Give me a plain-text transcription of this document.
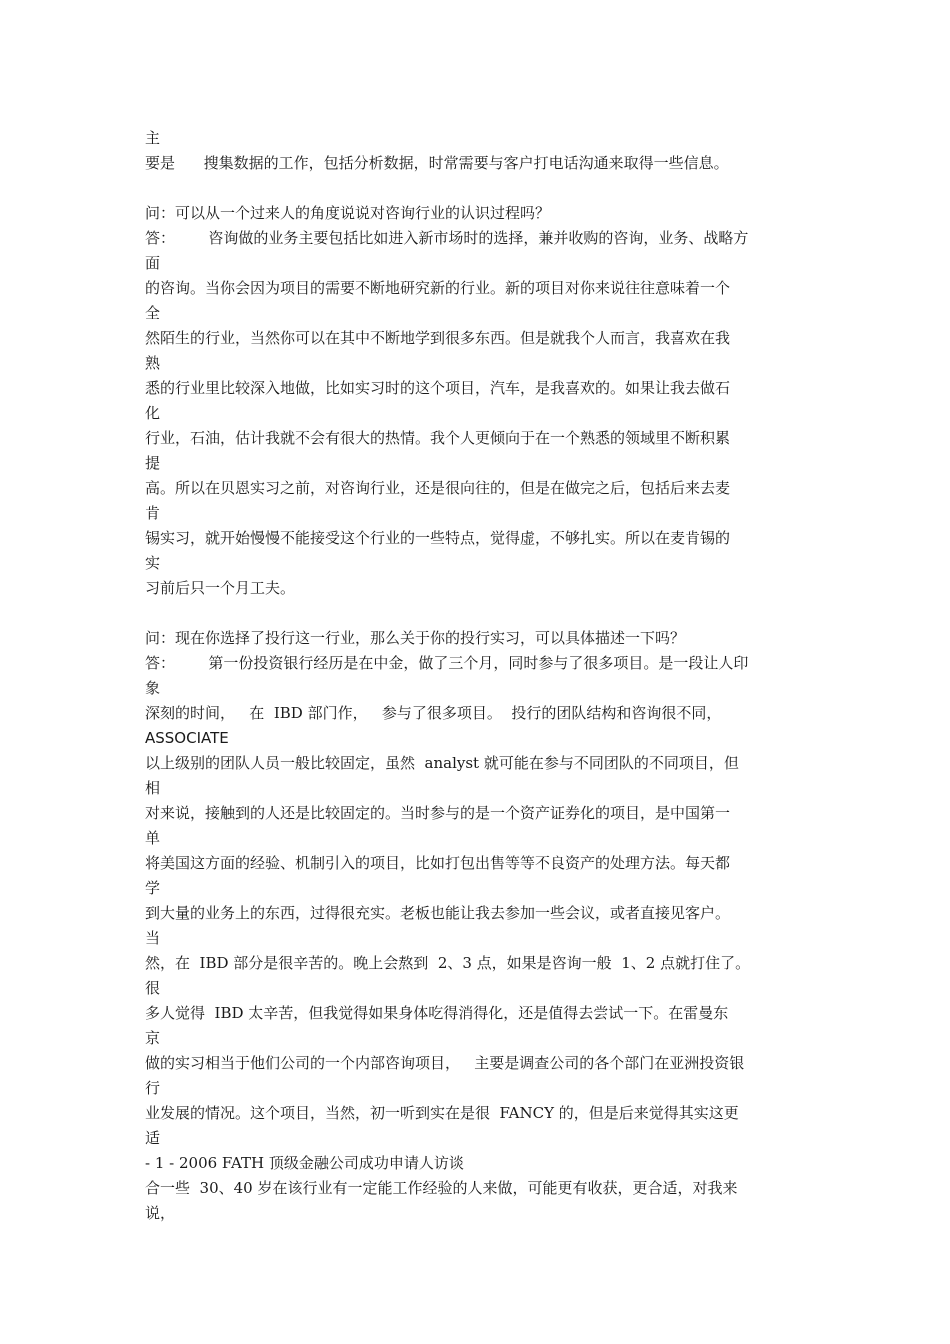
主
要是      搜集数据的工作，包括分析数据，时常需要与客户打电话沟通来取得一些信息。
问：可以从一个过来人的角度说说对咨询行业的认识过程吗？
答：       咨询做的业务主要包括比如进入新市场时的选择，兼并收购的咨询，业务、战略方
面
的咨询。当你会因为项目的需要不断地研究新的行业。新的项目对你来说往往意味着一个
全
然陌生的行业，当然你可以在其中不断地学到很多东西。但是就我个人而言，我喜欢在我
熟
悉的行业里比较深入地做，比如实习时的这个项目，汽车，是我喜欢的。如果让我去做石
化
行业，石油，估计我就不会有很大的热情。我个人更倾向于在一个熟悉的领域里不断积累
提
高。所以在贝恩实习之前，对咨询行业，还是很向往的，但是在做完之后，包括后来去麦
肯
锡实习，就开始慢慢不能接受这个行业的一些特点，觉得虚，不够扎实。所以在麦肯锡的
实
习前后只一个月工夫。
问：现在你选择了投行这一行业，那么关于你的投行实习，可以具体描述一下吗？
答：       第一份投资银行经历是在中金，做了三个月，同时参与了很多项目。是一段让人印
象
深刻的时间，   在  IBD 部门作，   参与了很多项目。  投行的团队结构和咨询很不同，
ASSOCIATE
以上级别的团队人员一般比较固定，虽然  analyst 就可能在参与不同团队的不同项目，但
相
对来说，接触到的人还是比较固定的。当时参与的是一个资产证券化的项目，是中国第一
单
将美国这方面的经验、机制引入的项目，比如打包出售等等不良资产的处理方法。每天都
学
到大量的业务上的东西，过得很充实。老板也能让我去参加一些会议，或者直接见客户。
当
然，在  IBD 部分是很辛苦的。晚上会熬到  2、3 点，如果是咨询一般  1、2 点就打住了。
很
多人觉得  IBD 太辛苦，但我觉得如果身体吃得消得化，还是值得去尝试一下。在雷曼东
京
做的实习相当于他们公司的一个内部咨询项目，   主要是调查公司的各个部门在亚洲投资银
行
业发展的情况。这个项目，当然，初一听到实在是很  FANCY 的，但是后来觉得其实这更
适
- 1 - 2006 FATH 顶级金融公司成功申请人访谈
合一些  30、40 岁在该行业有一定能工作经验的人来做，可能更有收获，更合适，对我来
说，
